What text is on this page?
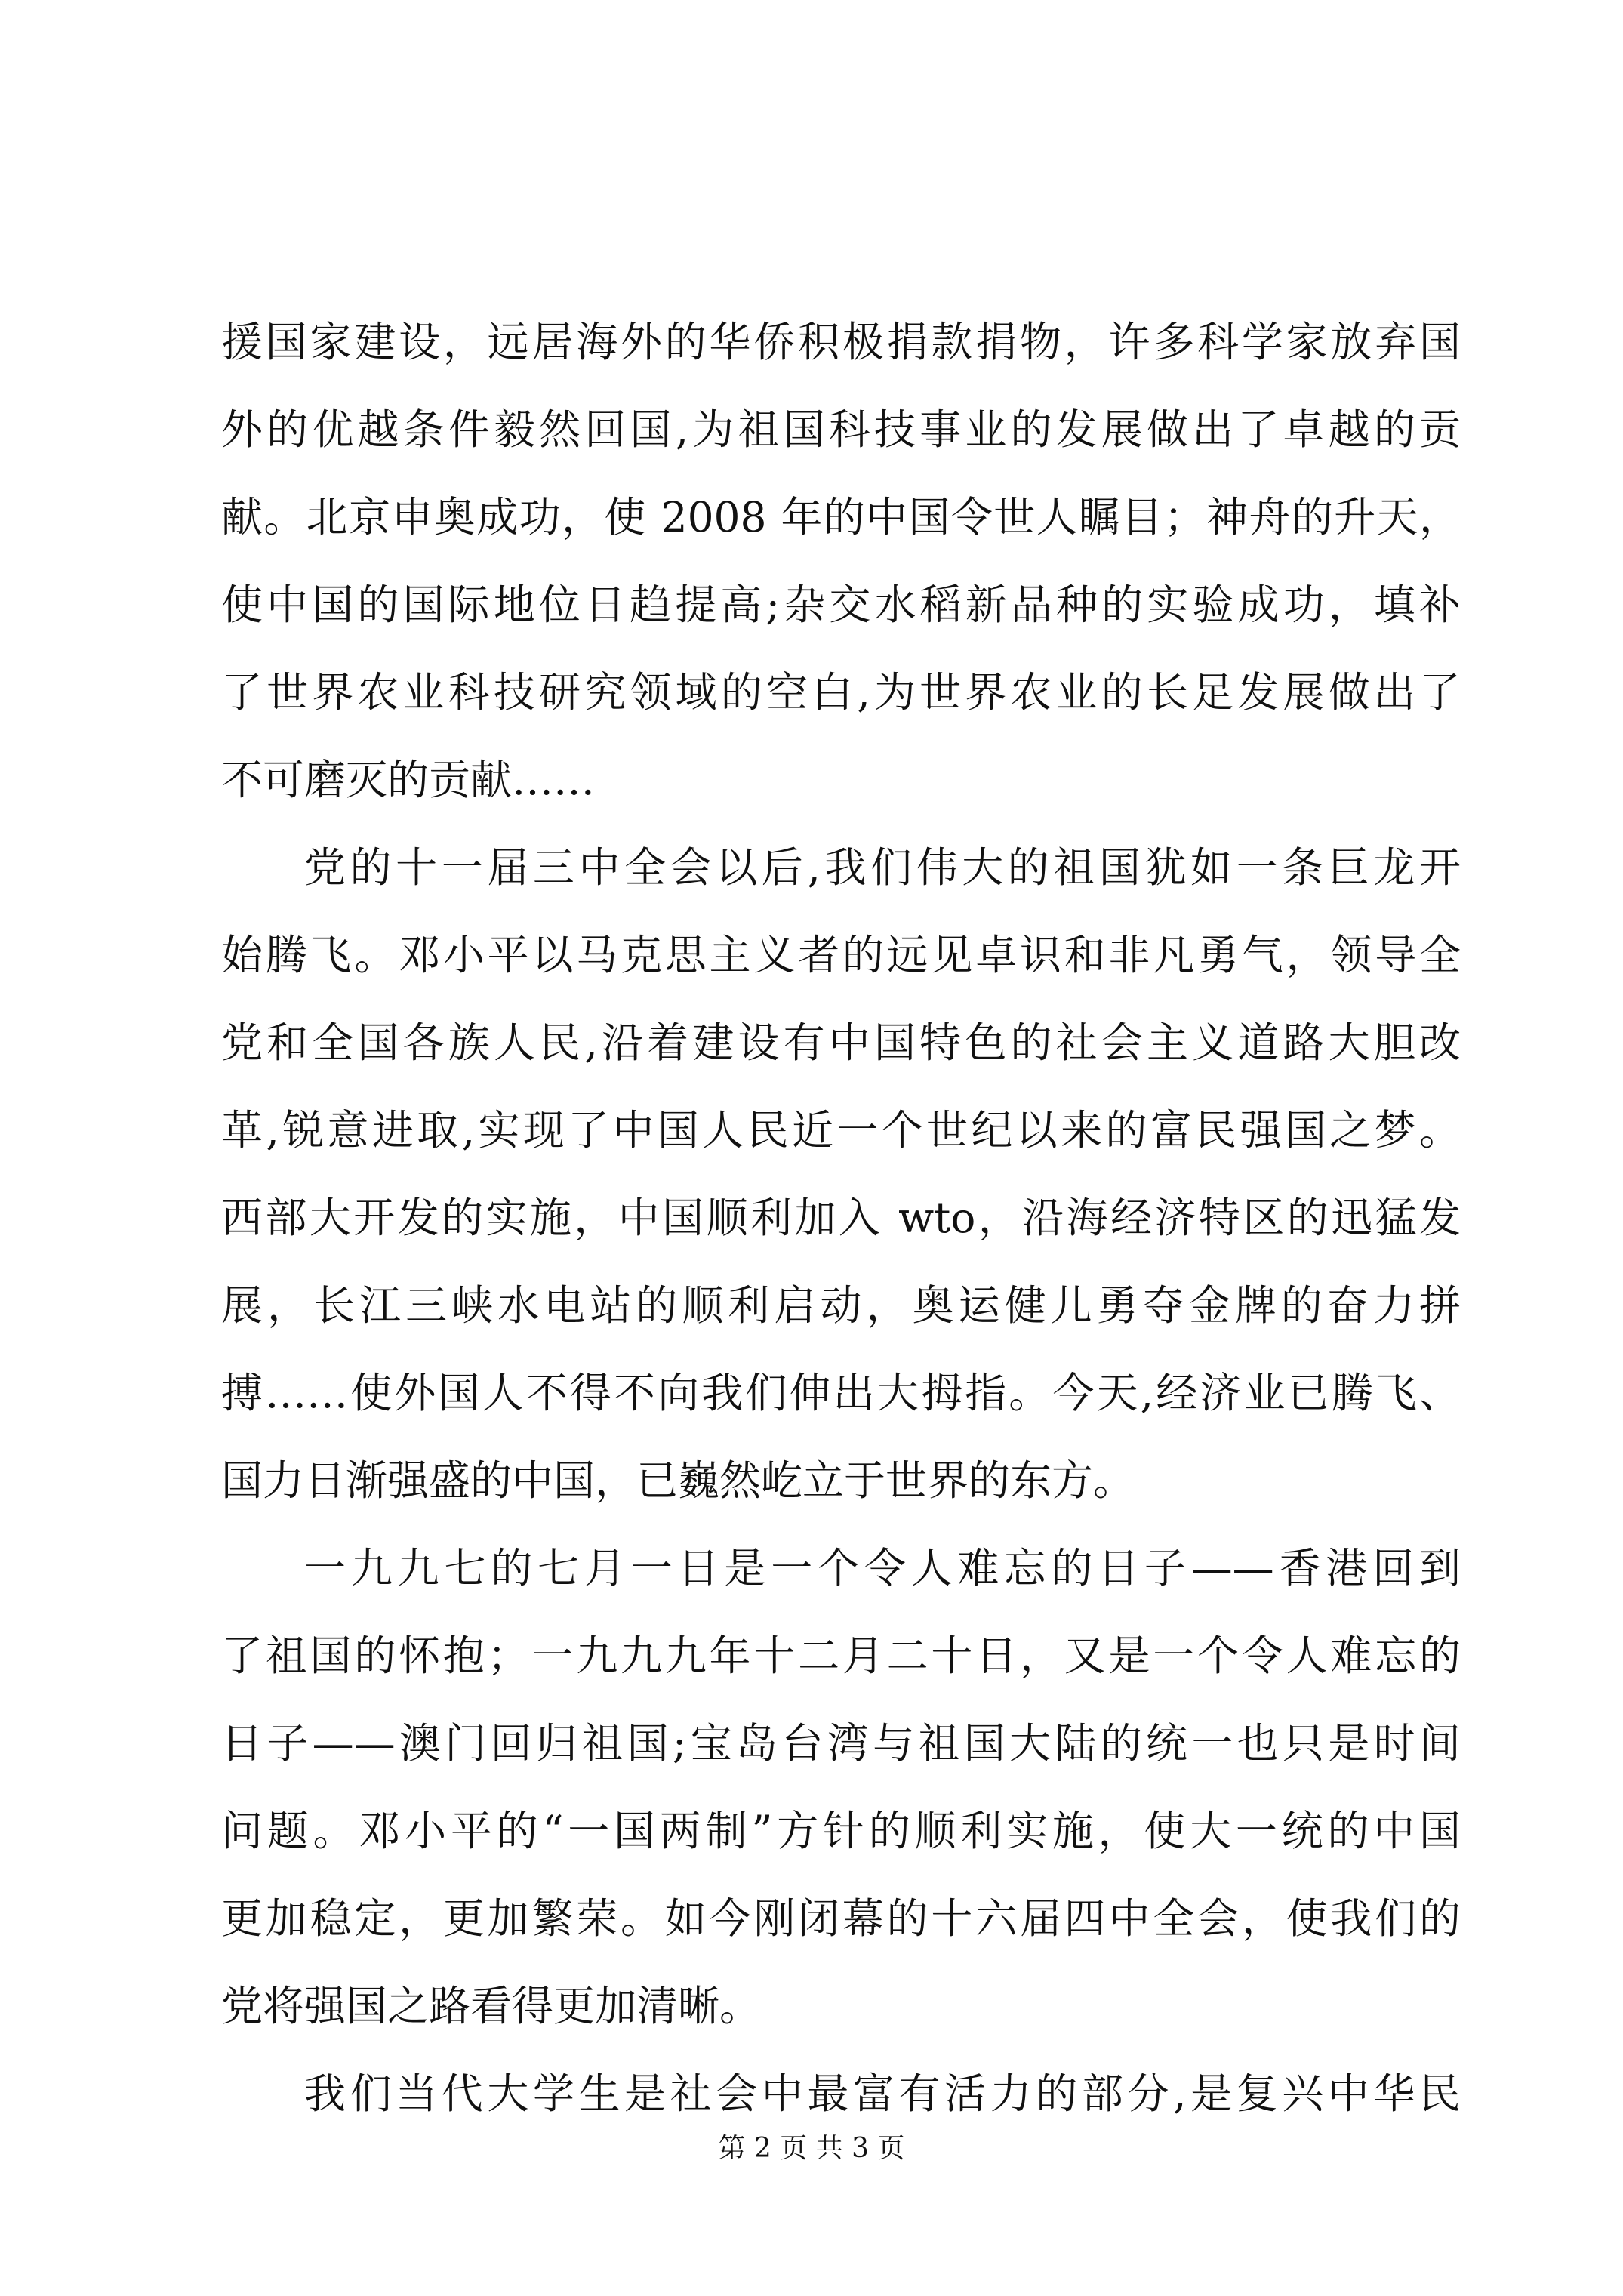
援国家建设，远居海外的华侨积极捐款捐物，许多科学家放弃国
外的优越条件毅然回国,为祖国科技事业的发展做出了卓越的贡
献。北京申奥成功，使 2008 年的中国令世人瞩目；神舟的升天，
使中国的国际地位日趋提高;杂交水稻新品种的实验成功，填补
了世界农业科技研究领域的空白,为世界农业的长足发展做出了
不可磨灭的贡献……
党的十一届三中全会以后,我们伟大的祖国犹如一条巨龙开
始腾飞。邓小平以马克思主义者的远见卓识和非凡勇气，领导全
党和全国各族人民,沿着建设有中国特色的社会主义道路大胆改
革,锐意进取,实现了中国人民近一个世纪以来的富民强国之梦。
西部大开发的实施，中国顺利加入 wto，沿海经济特区的迅猛发
展，长江三峡水电站的顺利启动，奥运健儿勇夺金牌的奋力拼
搏……使外国人不得不向我们伸出大拇指。今天,经济业已腾飞、
国力日渐强盛的中国，已巍然屹立于世界的东方。
一九九七的七月一日是一个令人难忘的日子——香港回到
了祖国的怀抱；一九九九年十二月二十日，又是一个令人难忘的
日子——澳门回归祖国;宝岛台湾与祖国大陆的统一也只是时间
问题。邓小平的“一国两制”方针的顺利实施，使大一统的中国
更加稳定，更加繁荣。如今刚闭幕的十六届四中全会，使我们的
党将强国之路看得更加清晰。
我们当代大学生是社会中最富有活力的部分,是复兴中华民
第 2 页 共 3 页
